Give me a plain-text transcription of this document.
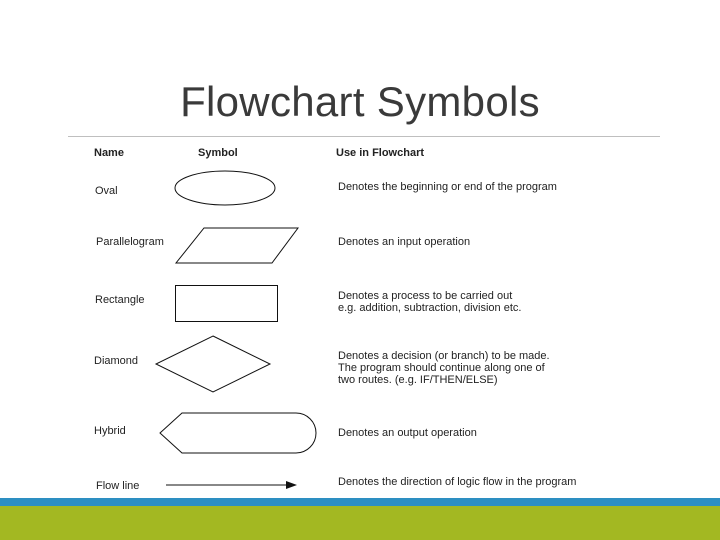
Flowchart Symbols
Name	Symbol	Use in Flowchart
Oval	Denotes the beginning or end of the program
Parallelogram	Denotes an input operation
Rectangle	Denotes a process to be carried out
e.g. addition, subtraction, division etc.
Diamond	Denotes a decision (or branch) to be made.
The program should continue along one of
two routes. (e.g. IF/THEN/ELSE)
Hybrid	Denotes an output operation
Flow line	Denotes the direction of logic flow in the program
